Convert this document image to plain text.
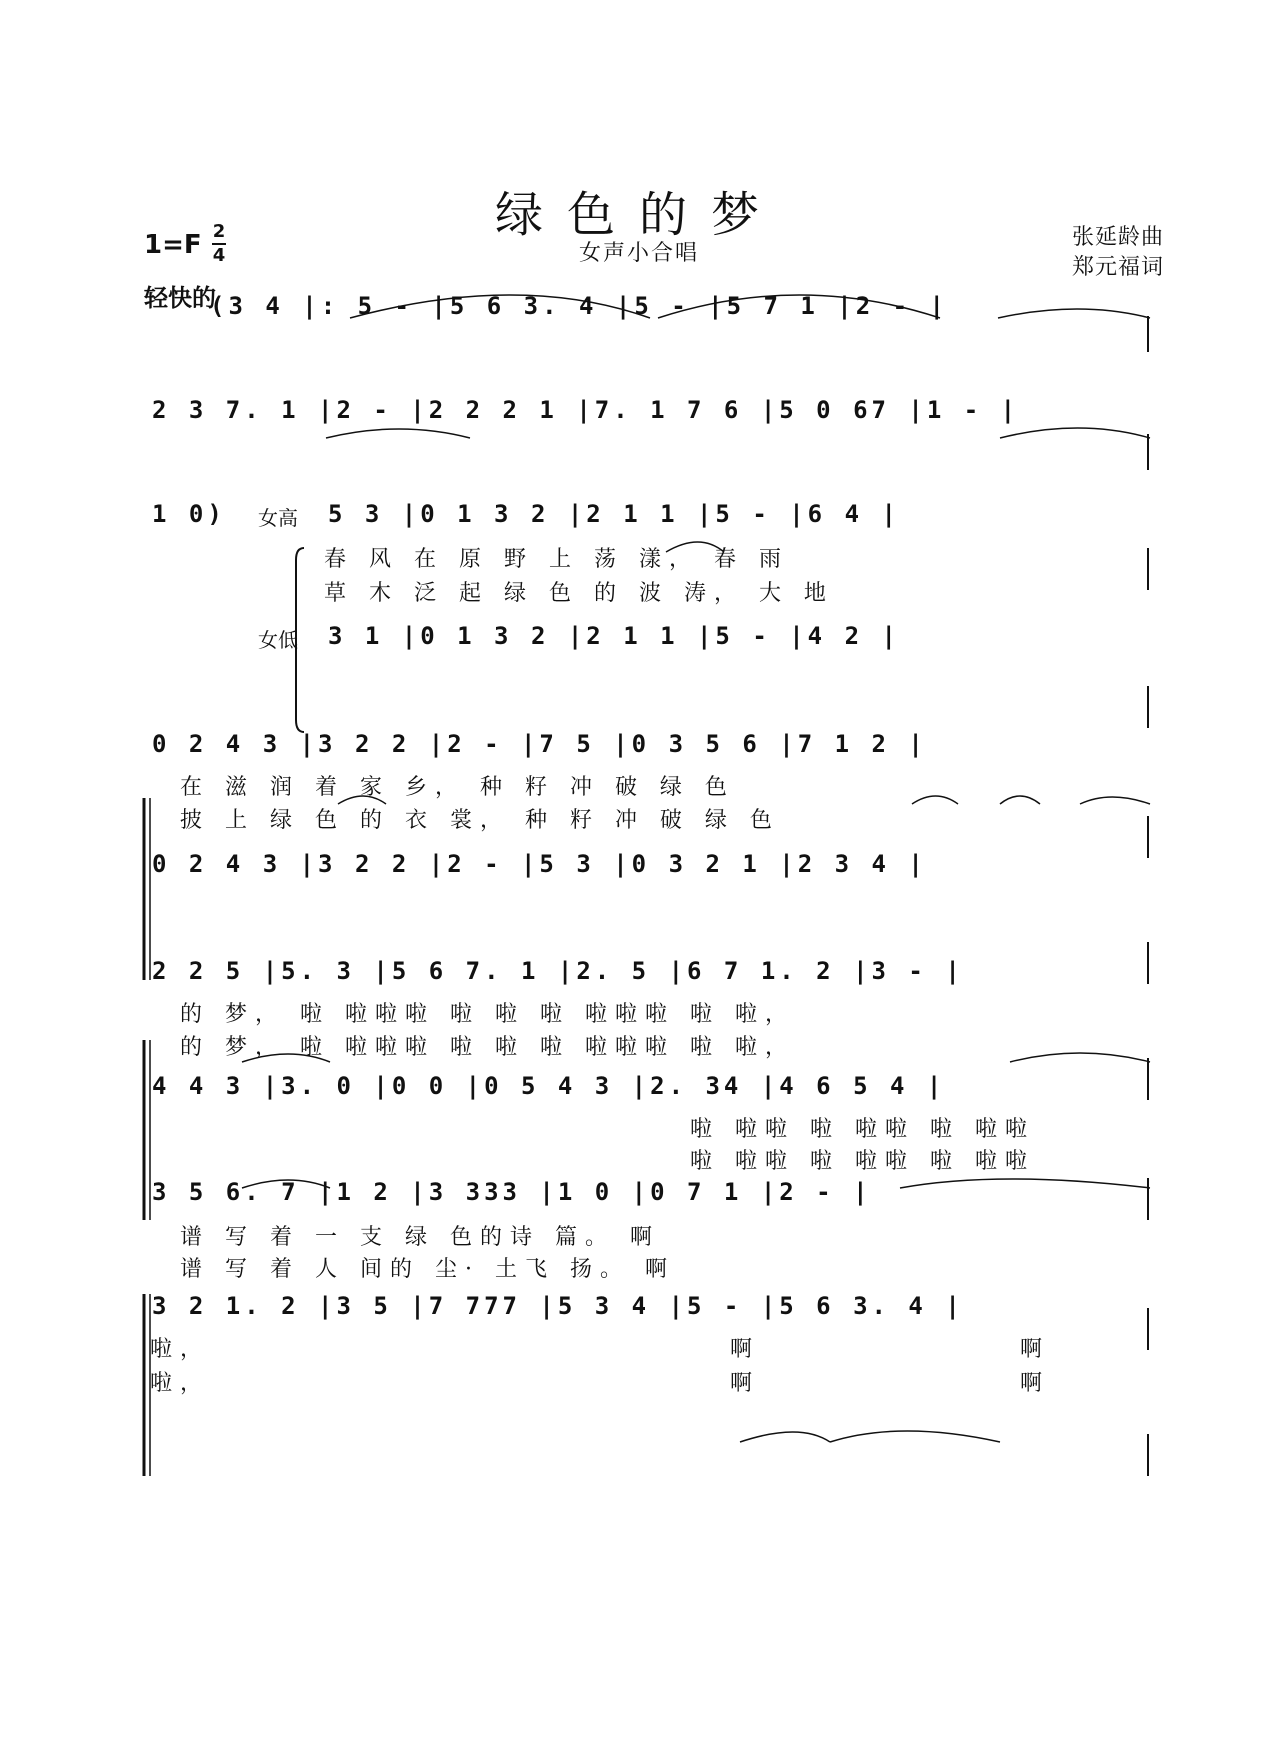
绿色的梦
女声小合唱
1=F 2
4
轻快的
张延龄曲
郑元福词
(3 4 |: 5 - |5 6 3. 4 |5 - |5 7 1 |2 - |
2 3 7. 1 |2 - |2 2 2 1 |7. 1 7 6 |5 0 67 |1 - |
1 0) 女高 5 3 |0 1 3 2 |2 1 1 |5 - |6 4 |
春 风 在 原 野 上 荡 漾， 春 雨
草 木 泛 起 绿 色 的 波 涛， 大 地
女低 3 1 |0 1 3 2 |2 1 1 |5 - |4 2 |
0 2 4 3 |3 2 2 |2 - |7 5 |0 3 5 6 |7 1 2 |
在 滋 润 着 家 乡， 种 籽 冲 破 绿 色
披 上 绿 色 的 衣 裳， 种 籽 冲 破 绿 色
0 2 4 3 |3 2 2 |2 - |5 3 |0 3 2 1 |2 3 4 |
2 2 5 |5. 3 |5 6 7. 1 |2. 5 |6 7 1. 2 |3 - |
的 梦， 啦 啦啦啦 啦 啦 啦 啦啦啦 啦 啦，
的 梦， 啦 啦啦啦 啦 啦 啦 啦啦啦 啦 啦，
4 4 3 |3. 0 |0 0 |0 5 4 3 |2. 34 |4 6 5 4 |
啦 啦啦 啦 啦啦 啦 啦啦
啦 啦啦 啦 啦啦 啦 啦啦
3 5 6. 7 |1 2 |3 333 |1 0 |0 7 1 |2 - |
谱 写 着 一 支 绿 色的诗 篇。 啊
谱 写 着 人 间的 尘· 土飞 扬。 啊
3 2 1. 2 |3 5 |7 777 |5 3 4 |5 - |5 6 3. 4 |
啦，	啊	啊
啦，	啊	啊
